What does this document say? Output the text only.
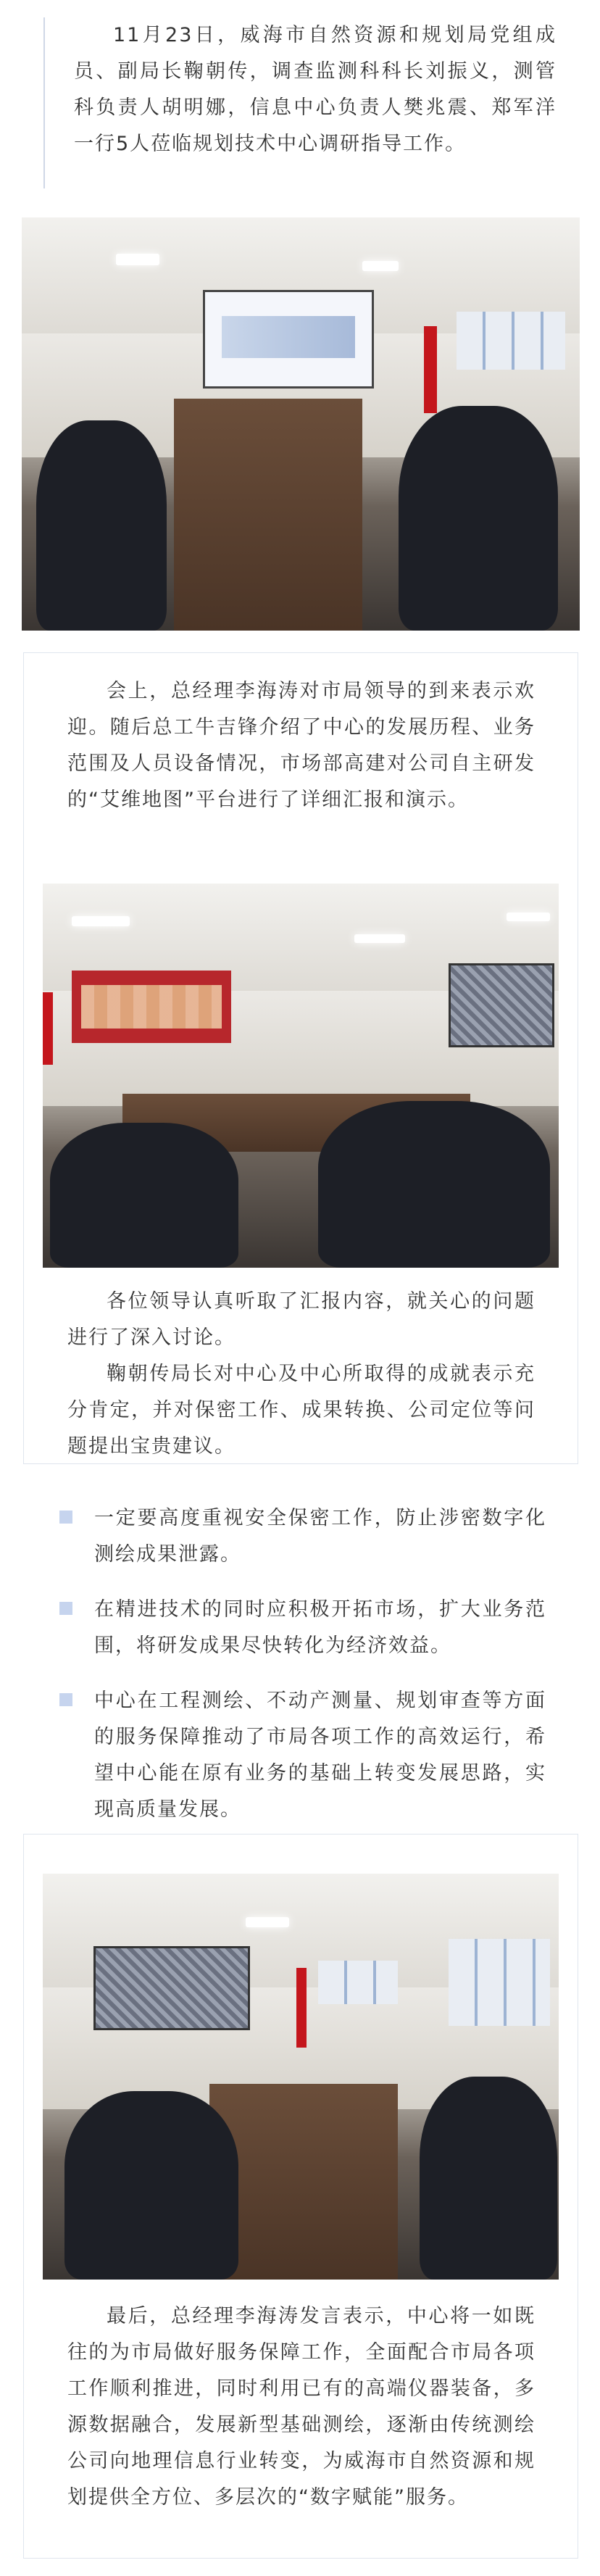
11月23日，威海市自然资源和规划局党组成员、副局长鞠朝传，调查监测科科长刘振义，测管科负责人胡明娜，信息中心负责人樊兆震、郑军洋一行5人莅临规划技术中心调研指导工作。

会上，总经理李海涛对市局领导的到来表示欢迎。随后总工牛吉锋介绍了中心的发展历程、业务范围及人员设备情况，市场部高建对公司自主研发的“艾维地图”平台进行了详细汇报和演示。

各位领导认真听取了汇报内容，就关心的问题进行了深入讨论。

鞠朝传局长对中心及中心所取得的成就表示充分肯定，并对保密工作、成果转换、公司定位等问题提出宝贵建议。

一定要高度重视安全保密工作，防止涉密数字化测绘成果泄露。
在精进技术的同时应积极开拓市场，扩大业务范围，将研发成果尽快转化为经济效益。
中心在工程测绘、不动产测量、规划审查等方面的服务保障推动了市局各项工作的高效运行，希望中心能在原有业务的基础上转变发展思路，实现高质量发展。

最后，总经理李海涛发言表示，中心将一如既往的为市局做好服务保障工作，全面配合市局各项工作顺利推进，同时利用已有的高端仪器装备，多源数据融合，发展新型基础测绘，逐渐由传统测绘公司向地理信息行业转变，为威海市自然资源和规划提供全方位、多层次的“数字赋能”服务。
